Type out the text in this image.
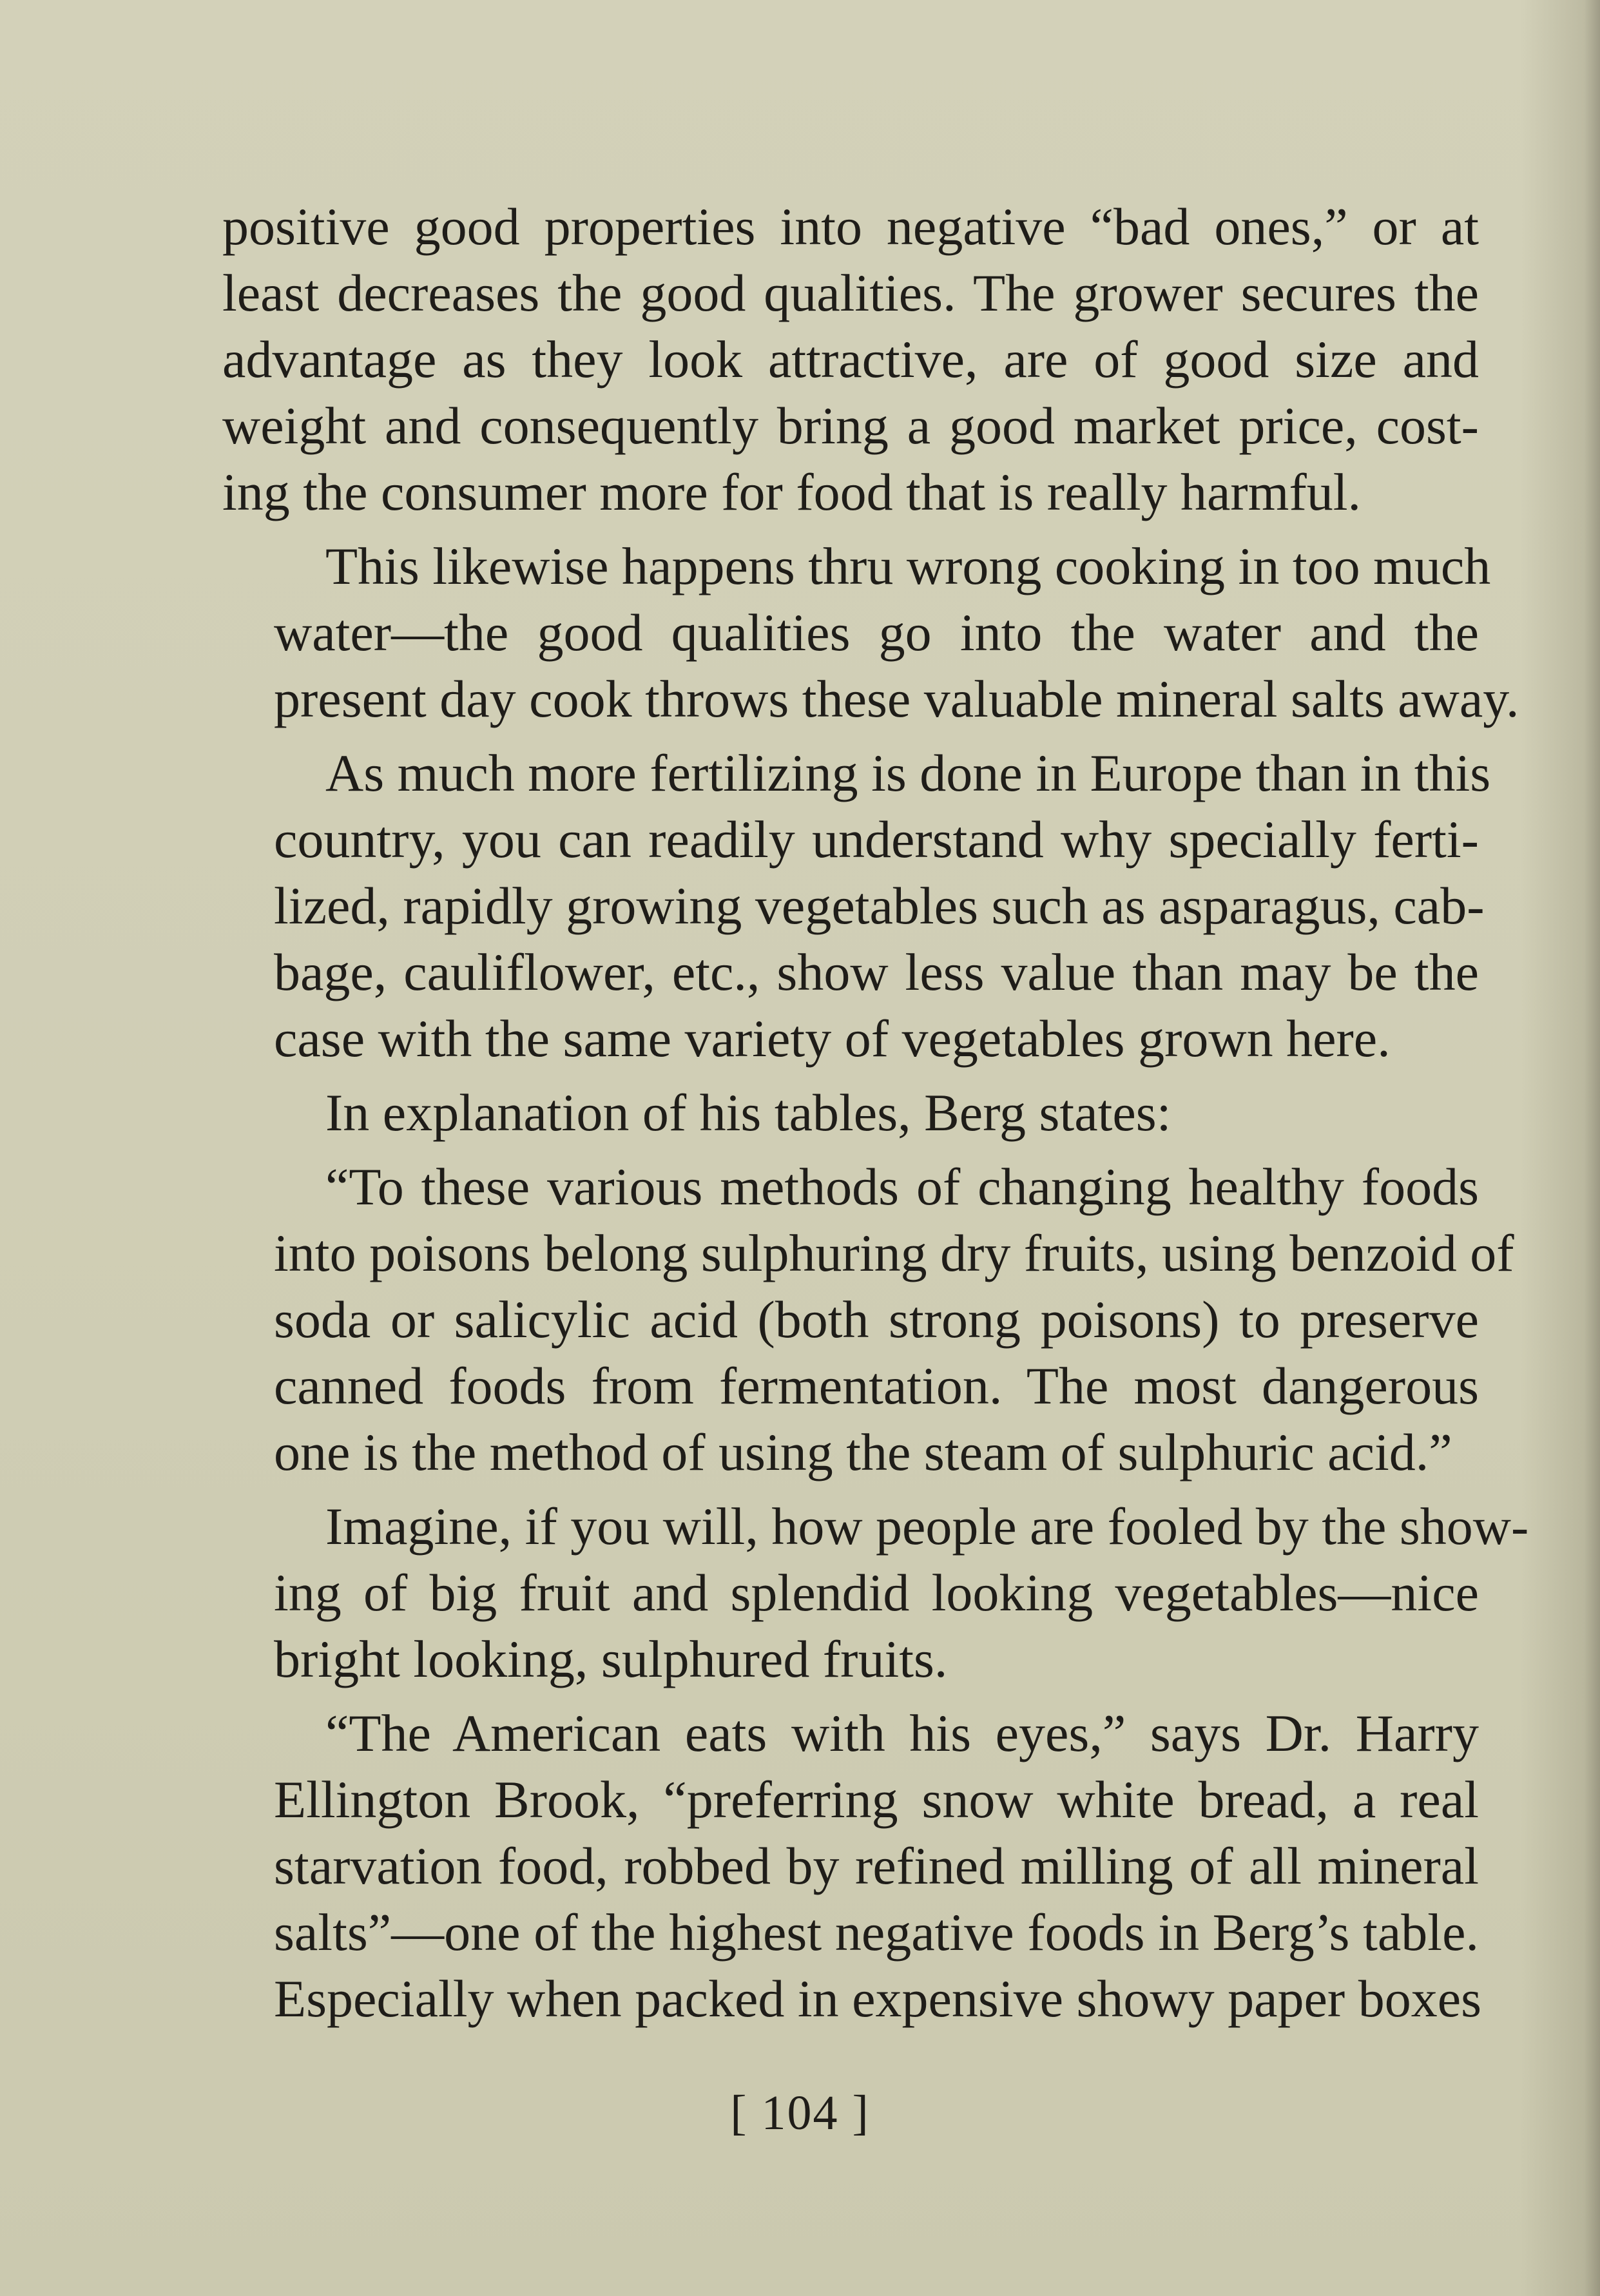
positive good properties into negative “bad ones,” or at
least decreases the good qualities. The grower secures the
advantage as they look attractive, are of good size and
weight and consequently bring a good market price, cost-
ing the consumer more for food that is really harmful.
This likewise happens thru wrong cooking in too much
water—the good qualities go into the water and the
present day cook throws these valuable mineral salts away.
As much more fertilizing is done in Europe than in this
country, you can readily understand why specially ferti-
lized, rapidly growing vegetables such as asparagus, cab-
bage, cauliflower, etc., show less value than may be the
case with the same variety of vegetables grown here.
In explanation of his tables, Berg states:
“To these various methods of changing healthy foods
into poisons belong sulphuring dry fruits, using benzoid of
soda or salicylic acid (both strong poisons) to preserve
canned foods from fermentation. The most dangerous
one is the method of using the steam of sulphuric acid.”
Imagine, if you will, how people are fooled by the show-
ing of big fruit and splendid looking vegetables—nice
bright looking, sulphured fruits.
“The American eats with his eyes,” says Dr. Harry
Ellington Brook, “preferring snow white bread, a real
starvation food, robbed by refined milling of all mineral
salts”—one of the highest negative foods in Berg’s table.
Especially when packed in expensive showy paper boxes
[ 104 ]
